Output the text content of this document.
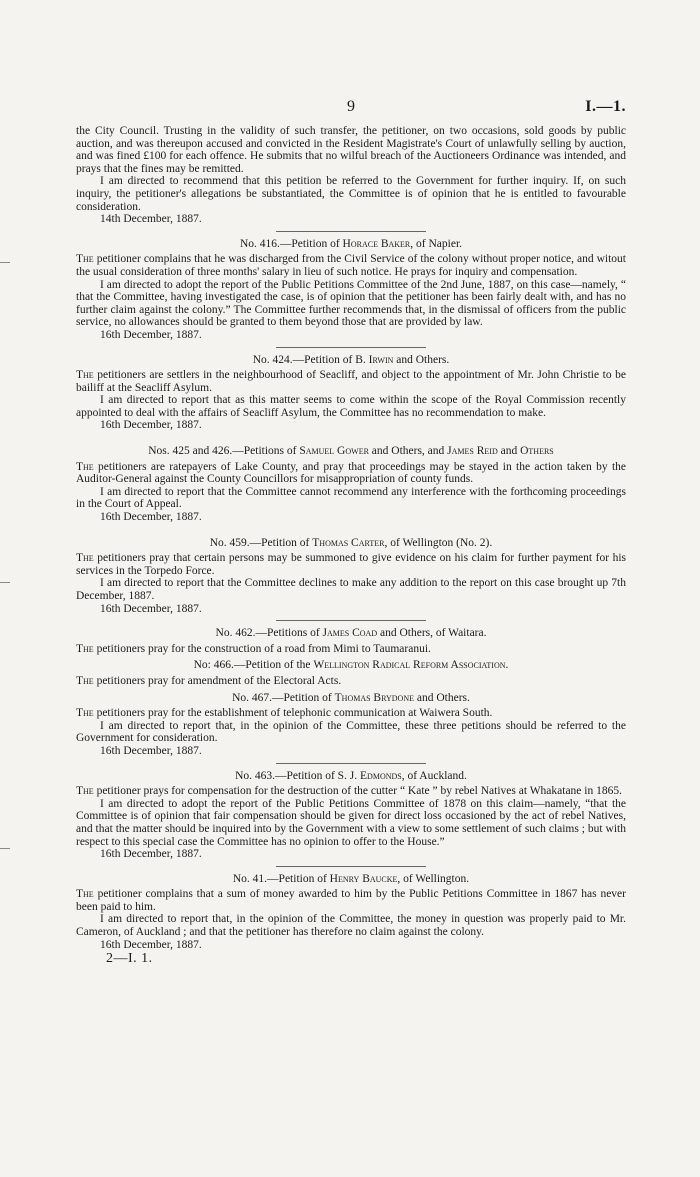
9	I.—1.

the City Council. Trusting in the validity of such transfer, the petitioner, on two occasions, sold goods by public auction, and was thereupon accused and convicted in the Resident Magistrate's Court of unlawfully selling by auction, and was fined £100 for each offence. He submits that no wilful breach of the Auctioneers Ordinance was intended, and prays that the fines may be remitted.

I am directed to recommend that this petition be referred to the Government for further inquiry. If, on such inquiry, the petitioner's allegations be substantiated, the Committee is of opinion that he is entitled to favourable consideration.

14th December, 1887.

No. 416.—Petition of Horace Baker, of Napier.

The petitioner complains that he was discharged from the Civil Service of the colony without proper notice, and witout the usual consideration of three months' salary in lieu of such notice. He prays for inquiry and compensation.

I am directed to adopt the report of the Public Petitions Committee of the 2nd June, 1887, on this case—namely, “ that the Committee, having investigated the case, is of opinion that the petitioner has been fairly dealt with, and has no further claim against the colony.” The Committee further recommends that, in the dismissal of officers from the public service, no allowances should be granted to them beyond those that are provided by law.

16th December, 1887.

No. 424.—Petition of B. Irwin and Others.

The petitioners are settlers in the neighbourhood of Seacliff, and object to the appointment of Mr. John Christie to be bailiff at the Seacliff Asylum.

I am directed to report that as this matter seems to come within the scope of the Royal Commission recently appointed to deal with the affairs of Seacliff Asylum, the Committee has no recommendation to make.

16th December, 1887.

Nos. 425 and 426.—Petitions of Samuel Gower and Others, and James Reid and Others

The petitioners are ratepayers of Lake County, and pray that proceedings may be stayed in the action taken by the Auditor-General against the County Councillors for misappropriation of county funds.

I am directed to report that the Committee cannot recommend any interference with the forthcoming proceedings in the Court of Appeal.

16th December, 1887.

No. 459.—Petition of Thomas Carter, of Wellington (No. 2).

The petitioners pray that certain persons may be summoned to give evidence on his claim for further payment for his services in the Torpedo Force.

I am directed to report that the Committee declines to make any addition to the report on this case brought up 7th December, 1887.

16th December, 1887.

No. 462.—Petitions of James Coad and Others, of Waitara.

The petitioners pray for the construction of a road from Mimi to Taumaranui.

No: 466.—Petition of the Wellington Radical Reform Association.

The petitioners pray for amendment of the Electoral Acts.

No. 467.—Petition of Thomas Brydone and Others.

The petitioners pray for the establishment of telephonic communication at Waiwera South.

I am directed to report that, in the opinion of the Committee, these three petitions should be referred to the Government for consideration.

16th December, 1887.

No. 463.—Petition of S. J. Edmonds, of Auckland.

The petitioner prays for compensation for the destruction of the cutter “ Kate ” by rebel Natives at Whakatane in 1865.

I am directed to adopt the report of the Public Petitions Committee of 1878 on this claim—namely, “that the Committee is of opinion that fair compensation should be given for direct loss occasioned by the act of rebel Natives, and that the matter should be inquired into by the Government with a view to some settlement of such claims ; but with respect to this special case the Committee has no opinion to offer to the House.”

16th December, 1887.

No. 41.—Petition of Henry Baucke, of Wellington.

The petitioner complains that a sum of money awarded to him by the Public Petitions Committee in 1867 has never been paid to him.

I am directed to report that, in the opinion of the Committee, the money in question was properly paid to Mr. Cameron, of Auckland ; and that the petitioner has therefore no claim against the colony.

16th December, 1887.

2—I. 1.
